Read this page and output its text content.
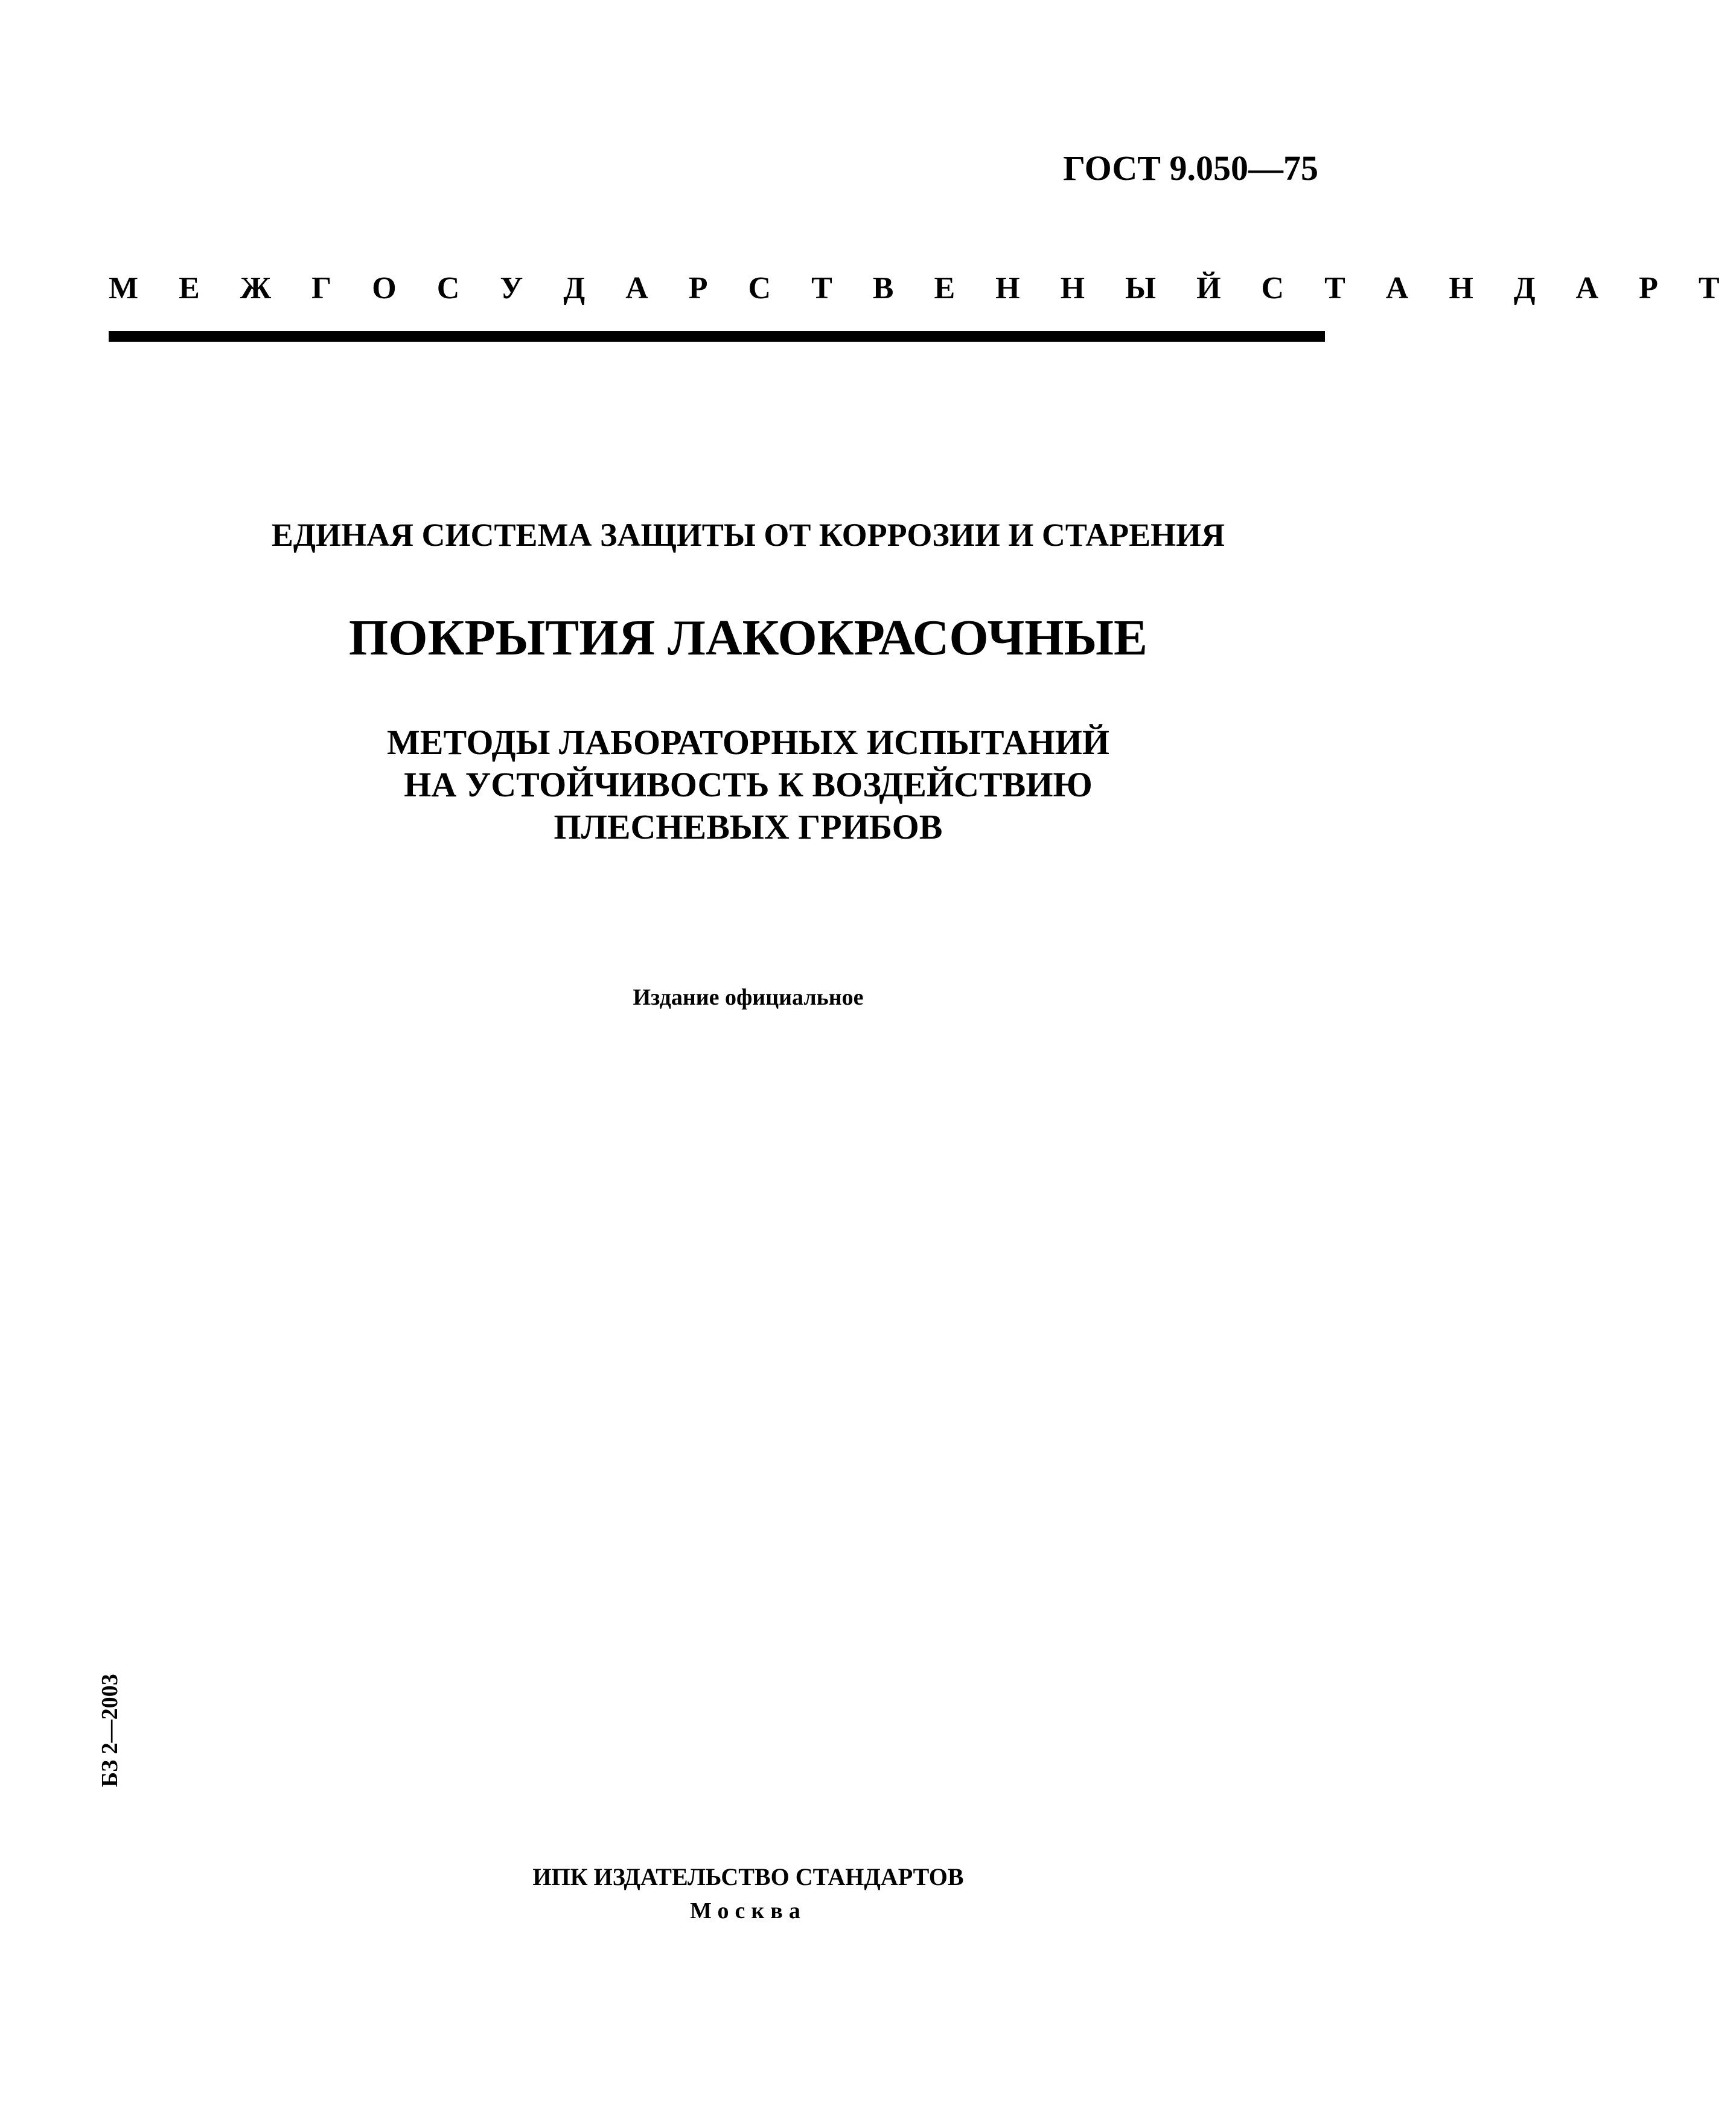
ГОСТ 9.050—75
М Е Ж Г О С У Д А Р С Т В Е Н Н Ы Й С Т А Н Д А Р Т
ЕДИНАЯ СИСТЕМА ЗАЩИТЫ ОТ КОРРОЗИИ И СТАРЕНИЯ
ПОКРЫТИЯ ЛАКОКРАСОЧНЫЕ
МЕТОДЫ ЛАБОРАТОРНЫХ ИСПЫТАНИЙ
НА УСТОЙЧИВОСТЬ К ВОЗДЕЙСТВИЮ
ПЛЕСНЕВЫХ ГРИБОВ
Издание официальное
БЗ 2—2003
ИПК ИЗДАТЕЛЬСТВО СТАНДАРТОВ
Москва
